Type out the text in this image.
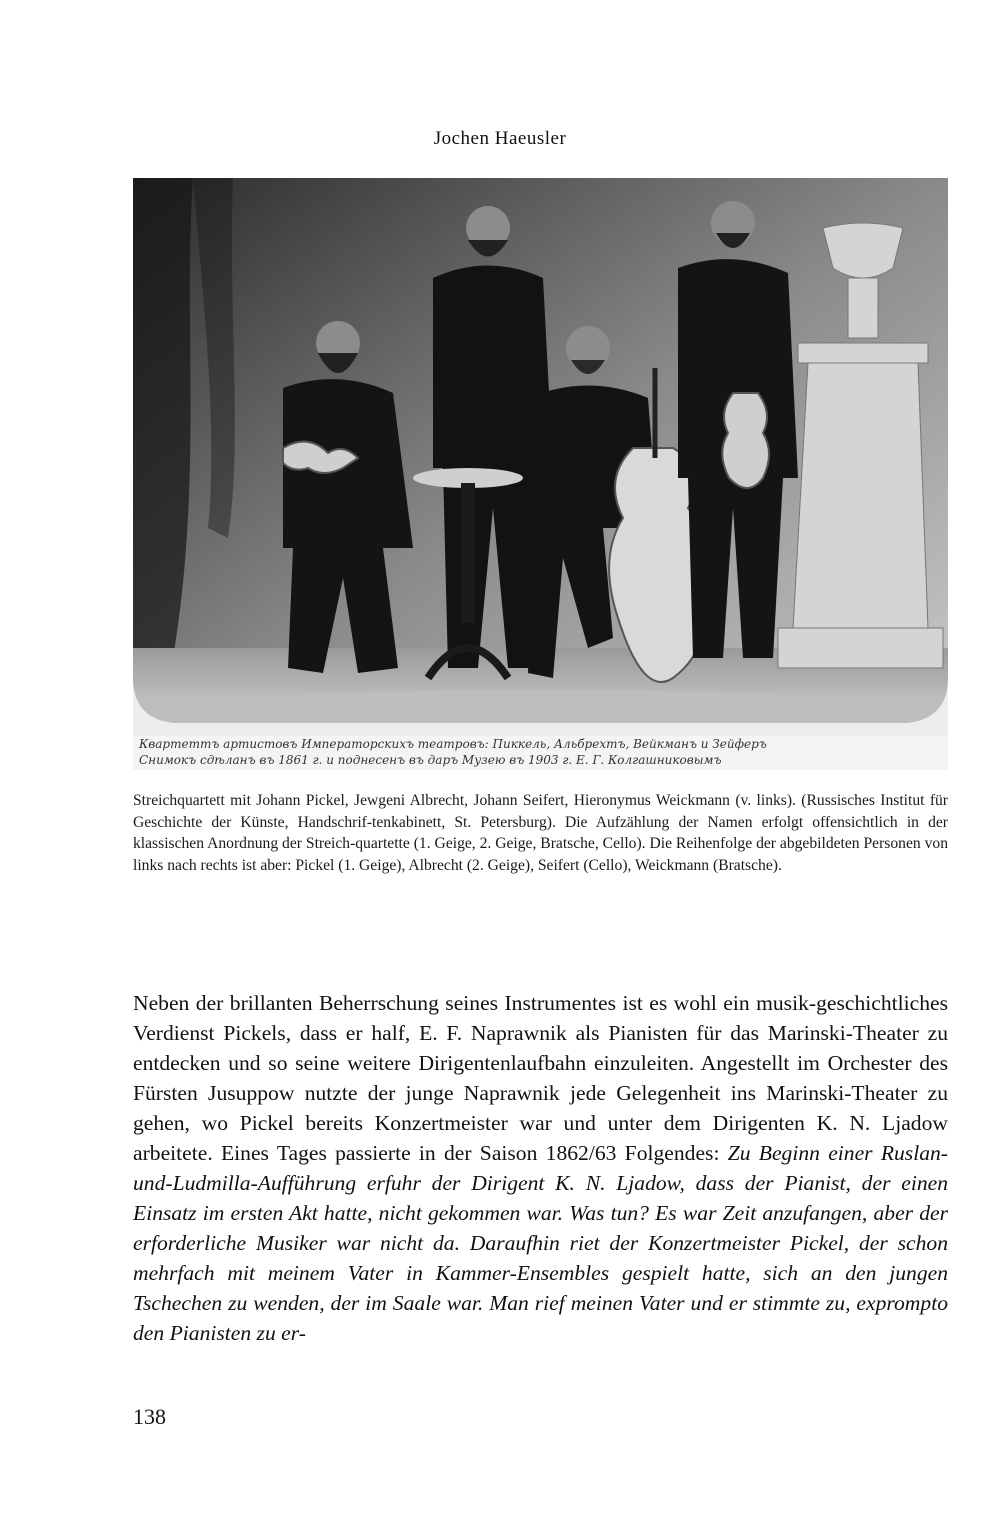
Jochen Haeusler
Квартеттъ артистовъ Императорскихъ театровъ: Пиккель, Альбрехтъ, Вейкманъ и Зейферъ
Снимокъ сдѣланъ въ 1861 г. и поднесенъ въ даръ Музею въ 1903 г. Е. Г. Колгашниковымъ
Streichquartett mit Johann Pickel, Jewgeni Albrecht, Johann Seifert, Hieronymus Weickmann (v. links). (Russisches Institut für Geschichte der Künste, Handschrif-tenkabinett, St. Petersburg). Die Aufzählung der Namen erfolgt offensichtlich in der klassischen Anordnung der Streich-quartette (1. Geige, 2. Geige, Bratsche, Cello). Die Reihenfolge der abgebildeten Personen von links nach rechts ist aber: Pickel (1. Geige), Albrecht (2. Geige), Seifert (Cello), Weickmann (Bratsche).
Neben der brillanten Beherrschung seines Instrumentes ist es wohl ein musik-geschichtliches Verdienst Pickels, dass er half, E. F. Naprawnik als Pianisten für das Marinski-Theater zu entdecken und so seine weitere Dirigentenlaufbahn einzuleiten. Angestellt im Orchester des Fürsten Jusuppow nutzte der junge Naprawnik jede Gelegenheit ins Marinski-Theater zu gehen, wo Pickel bereits Konzertmeister war und unter dem Dirigenten K. N. Ljadow arbeitete. Eines Tages passierte in der Saison 1862/63 Folgendes: Zu Beginn einer Ruslan-und-Ludmilla-Aufführung erfuhr der Dirigent K. N. Ljadow, dass der Pianist, der einen Einsatz im ersten Akt hatte, nicht gekommen war. Was tun? Es war Zeit anzufangen, aber der erforderliche Musiker war nicht da. Daraufhin riet der Konzertmeister Pickel, der schon mehrfach mit meinem Vater in Kammer-Ensembles gespielt hatte, sich an den jungen Tschechen zu wenden, der im Saale war. Man rief meinen Vater und er stimmte zu, exprompto den Pianisten zu er-
138
